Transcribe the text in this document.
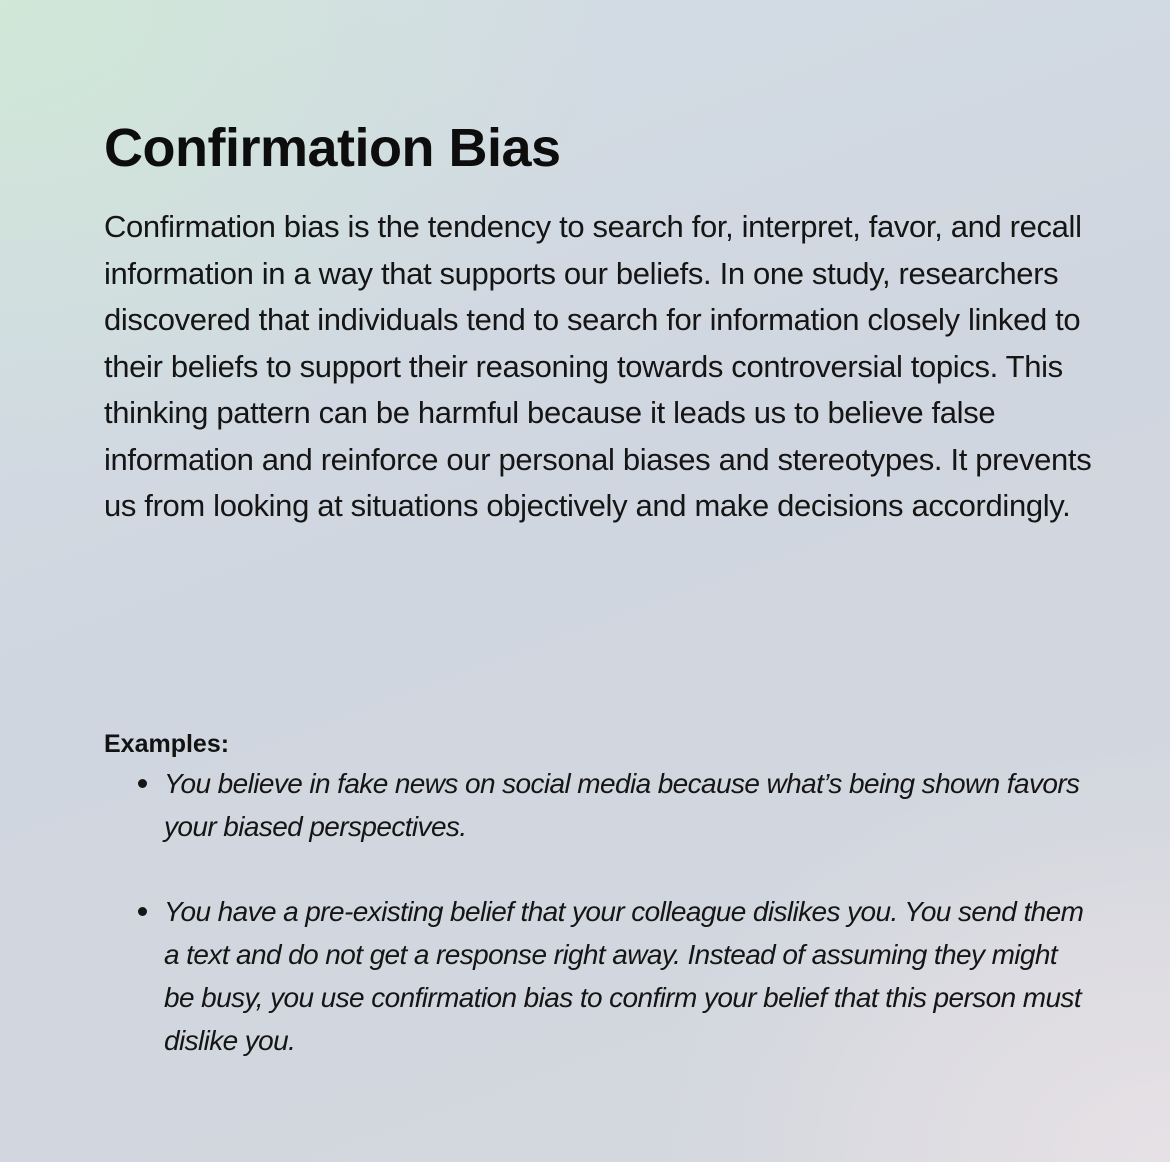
Confirmation Bias

Confirmation bias is the tendency to search for, interpret, favor, and recall information in a way that supports our beliefs. In one study, researchers discovered that individuals tend to search for information closely linked to their beliefs to support their reasoning towards controversial topics. This thinking pattern can be harmful because it leads us to believe false information and reinforce our personal biases and stereotypes. It prevents us from looking at situations objectively and make decisions accordingly.

Examples:
You believe in fake news on social media because what’s being shown favors your biased perspectives.
You have a pre-existing belief that your colleague dislikes you. You send them a text and do not get a response right away. Instead of assuming they might be busy, you use confirmation bias to confirm your belief that this person must dislike you.
